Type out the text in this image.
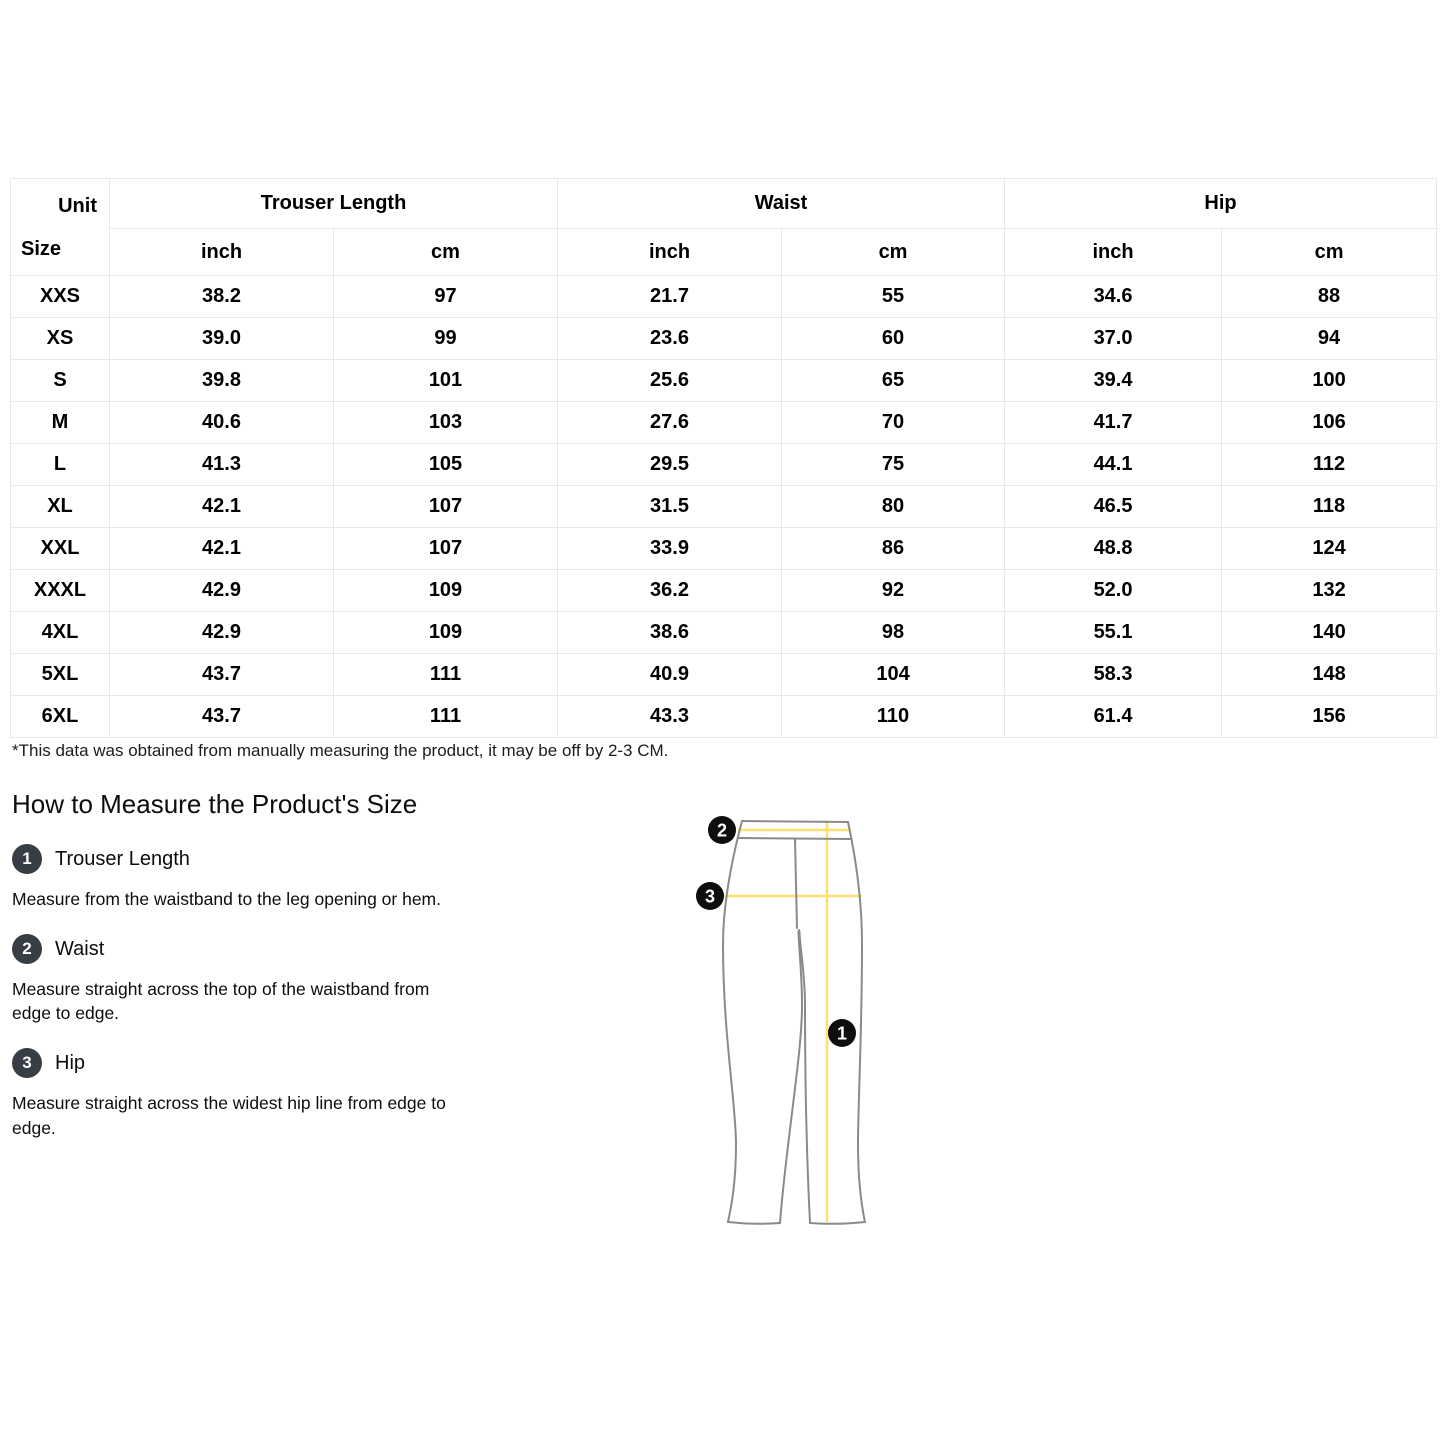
Unit
Size	Trouser Length		Waist		Hip	
	inch	cm	inch	cm	inch	cm
XXS	38.2	97	21.7	55	34.6	88
XS	39.0	99	23.6	60	37.0	94
S	39.8	101	25.6	65	39.4	100
M	40.6	103	27.6	70	41.7	106
L	41.3	105	29.5	75	44.1	112
XL	42.1	107	31.5	80	46.5	118
XXL	42.1	107	33.9	86	48.8	124
XXXL	42.9	109	36.2	92	52.0	132
4XL	42.9	109	38.6	98	55.1	140
5XL	43.7	111	40.9	104	58.3	148
6XL	43.7	111	43.3	110	61.4	156
*This data was obtained from manually measuring the product, it may be off by 2-3 CM.
How to Measure the Product's Size
1	Trouser Length
Measure from the waistband to the leg opening or hem.
2	Waist
Measure straight across the top of the waistband from edge to edge.
3	Hip
Measure straight across the widest hip line from edge to edge.
2
3
1
